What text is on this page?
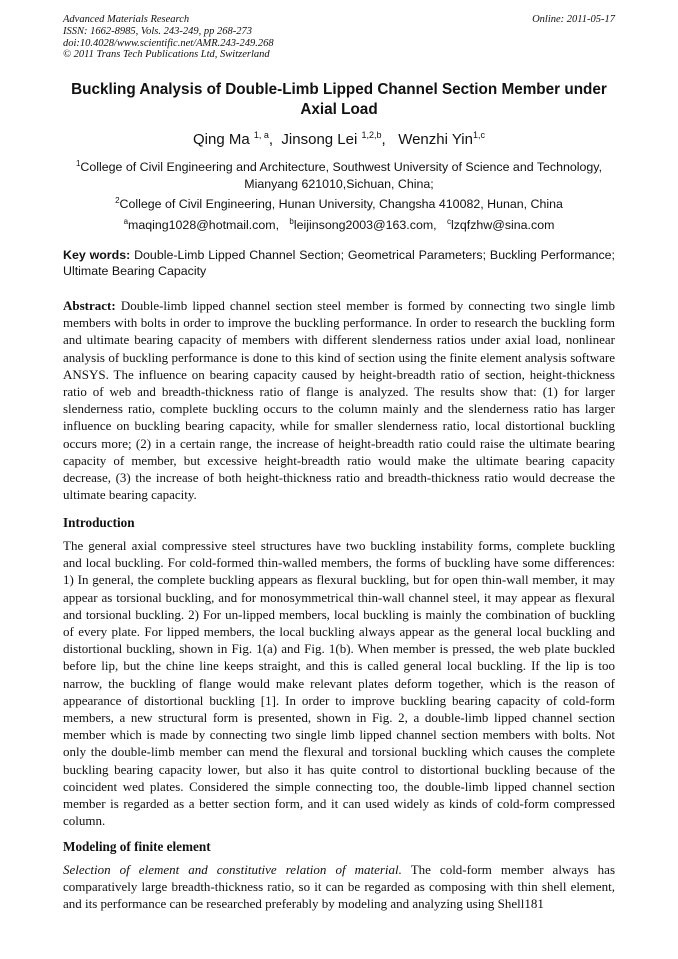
Advanced Materials Research
ISSN: 1662-8985, Vols. 243-249, pp 268-273
doi:10.4028/www.scientific.net/AMR.243-249.268
© 2011 Trans Tech Publications Ltd, Switzerland
Online: 2011-05-17
Buckling Analysis of Double-Limb Lipped Channel Section Member under Axial Load
Qing Ma $^{1, a}$,  Jinsong Lei $^{1,2,b}$,   Wenzhi Yin$^{1,c}$
$^1$College of Civil Engineering and Architecture, Southwest University of Science and Technology, Mianyang 621010,Sichuan, China;
$^2$College of Civil Engineering, Hunan University, Changsha 410082, Hunan, China
$^a$maqing1028@hotmail.com, $^b$leijinsong2003@163.com, $^c$lzqfzhw@sina.com
Key words: Double-Limb Lipped Channel Section; Geometrical Parameters; Buckling Performance; Ultimate Bearing Capacity
Abstract: Double-limb lipped channel section steel member is formed by connecting two single limb members with bolts in order to improve the buckling performance. In order to research the buckling form and ultimate bearing capacity of members with different slenderness ratios under axial load, nonlinear analysis of buckling performance is done to this kind of section using the finite element analysis software ANSYS. The influence on bearing capacity caused by height-breadth ratio of section, height-thickness ratio of web and breadth-thickness ratio of flange is analyzed. The results show that: (1) for larger slenderness ratio, complete buckling occurs to the column mainly and the slenderness ratio has larger influence on buckling bearing capacity, while for smaller slenderness ratio, local distortional buckling occurs more; (2) in a certain range, the increase of height-breadth ratio could raise the ultimate bearing capacity of member, but excessive height-breadth ratio would make the ultimate bearing capacity decrease, (3) the increase of both height-thickness ratio and breadth-thickness ratio would decrease the ultimate bearing capacity.
Introduction
The general axial compressive steel structures have two buckling instability forms, complete buckling and local buckling. For cold-formed thin-walled members, the forms of buckling have some differences: 1) In general, the complete buckling appears as flexural buckling, but for open thin-wall member, it may appear as torsional buckling, and for monosymmetrical thin-wall channel steel, it may appear as flexural and torsional buckling. 2) For un-lipped members, local buckling is mainly the combination of buckling of every plate. For lipped members, the local buckling always appear as the general local buckling and distortional buckling, shown in Fig. 1(a) and Fig. 1(b). When member is pressed, the web plate buckled before lip, but the chine line keeps straight, and this is called general local buckling. If the lip is too narrow, the buckling of flange would make relevant plates deform together, which is the reason of appearance of distortional buckling [1]. In order to improve buckling bearing capacity of cold-form members, a new structural form is presented, shown in Fig. 2, a double-limb lipped channel section member which is made by connecting two single limb lipped channel section members with bolts. Not only the double-limb member can mend the flexural and torsional buckling which causes the complete buckling bearing capacity lower, but also it has quite control to distortional buckling because of the coincident wed plates. Considered the simple connecting too, the double-limb lipped channel section member is regarded as a better section form, and it can used widely as kinds of cold-form compressed column.
Modeling of finite element
Selection of element and constitutive relation of material. The cold-form member always has comparatively large breadth-thickness ratio, so it can be regarded as composing with thin shell element, and its performance can be researched preferably by modeling and analyzing using Shell181
